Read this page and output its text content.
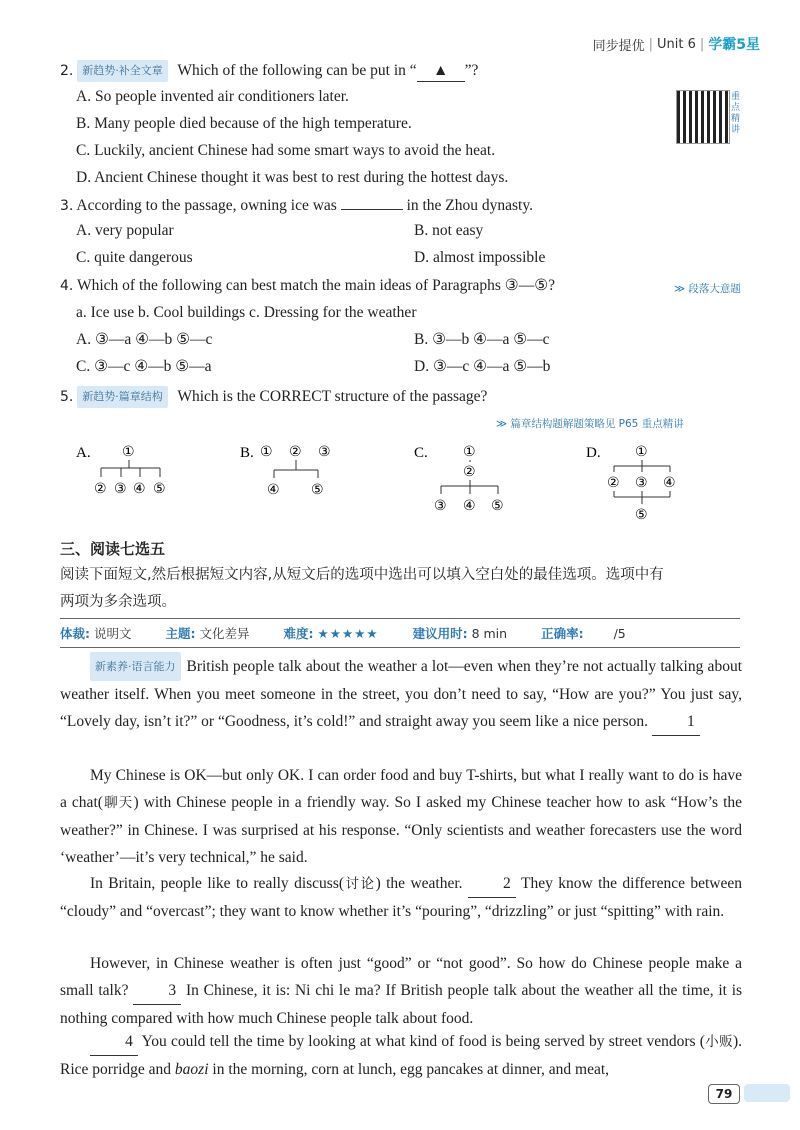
同步提优 | Unit 6 | 学霸5星
2. 新趋势·补全文章 Which of the following can be put in “ ▲ ”?
A. So people invented air conditioners later.
B. Many people died because of the high temperature.
C. Luckily, ancient Chinese had some smart ways to avoid the heat.
D. Ancient Chinese thought it was best to rest during the hottest days.
重点精讲
3. According to the passage, owning ice was	in the Zhou dynasty.
A. very popular	B. not easy
C. quite dangerous	D. almost impossible
4. Which of the following can best match the main ideas of Paragraphs ③—⑤?	≫ 段落大意题
a. Ice use b. Cool buildings c. Dressing for the weather
A. ③—a ④—b ⑤—c	B. ③—b ④—a ⑤—c
C. ③—c ④—b ⑤—a	D. ③—c ④—a ⑤—b
5. 新趋势·篇章结构 Which is the CORRECT structure of the passage?
≫ 篇章结构题解题策略见 P65 重点精讲
A. ①
② ③ ④ ⑤
B. ① ② ③
④ ⑤
C.	①
②
③ ④ ⑤
D. ①
② ③ ④
⑤
三、阅读七选五
阅读下面短文,然后根据短文内容,从短文后的选项中选出可以填入空白处的最佳选项。选项中有
两项为多余选项。
体裁: 说明文	主题: 文化差异	难度: ★★★★★	建议用时: 8 min	正确率: /5
新素养·语言能力 British people talk about the weather a lot—even when they’re not actually talking about weather itself. When you meet someone in the street, you don’t need to say, “How are you?” You just say, “Lovely day, isn’t it?” or “Goodness, it’s cold!” and straight away you seem like a nice person.	1
My Chinese is OK—but only OK. I can order food and buy T-shirts, but what I really want to do is have a chat(聊天) with Chinese people in a friendly way. So I asked my Chinese teacher how to ask “How’s the weather?” in Chinese. I was surprised at his response. “Only scientists and weather forecasters use the word ‘weather’—it’s very technical,” he said.
In Britain, people like to really discuss(讨论) the weather.	2 They know the difference between “cloudy” and “overcast”; they want to know whether it’s “pouring”, “drizzling” or just “spitting” with rain.
However, in Chinese weather is often just “good” or “not good”. So how do Chinese people make a small talk?	3 In Chinese, it is: Ni chi le ma? If British people talk about the weather all the time, it is nothing compared with how much Chinese people talk about food.
4 You could tell the time by looking at what kind of food is being served by street vendors (小贩). Rice porridge and baozi in the morning, corn at lunch, egg pancakes at dinner, and meat,
79
